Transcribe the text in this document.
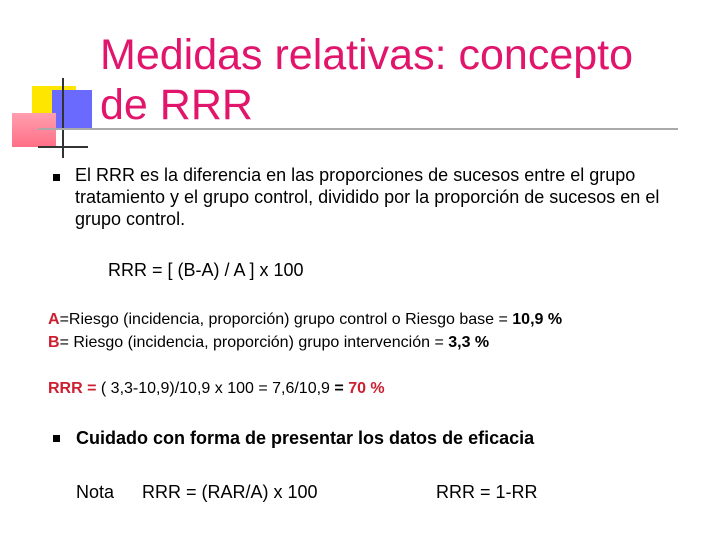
Medidas relativas: concepto
de RRR
El RRR es la diferencia en las proporciones de sucesos entre el grupo tratamiento y el grupo control, dividido por la proporción de sucesos en el grupo control.
RRR = [ (B-A) / A ] x 100
A=Riesgo (incidencia, proporción) grupo control o Riesgo base = 10,9 %
B= Riesgo (incidencia, proporción) grupo intervención = 3,3 %
RRR = ( 3,3-10,9)/10,9 x 100 = 7,6/10,9 = 70 %
Cuidado con forma de presentar los datos de eficacia
Nota RRR = (RAR/A) x 100	RRR = 1-RR
